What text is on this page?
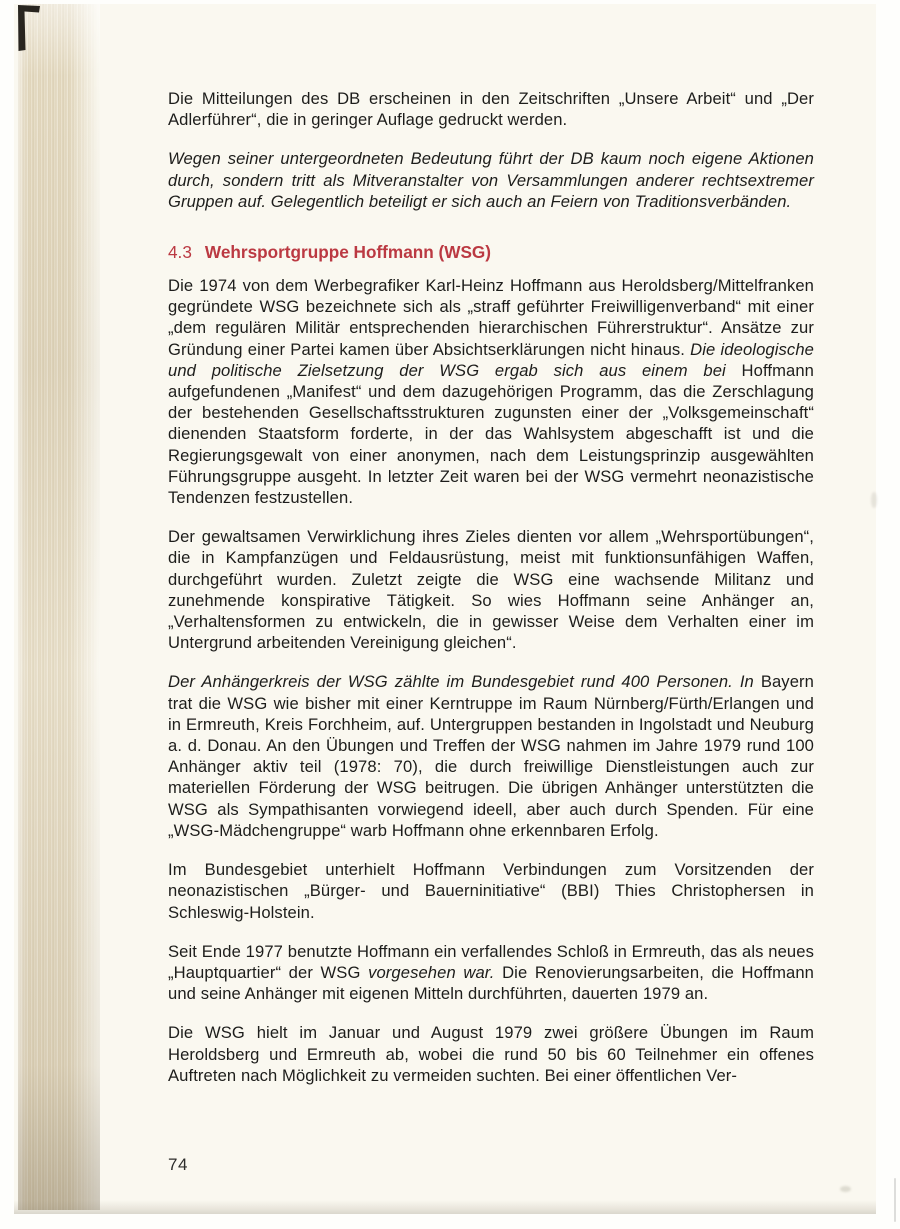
Die Mitteilungen des DB erscheinen in den Zeitschriften „Unsere Arbeit“ und „Der Adlerführer“, die in geringer Auflage gedruckt werden.

Wegen seiner untergeordneten Bedeutung führt der DB kaum noch eigene Aktionen durch, sondern tritt als Mitveranstalter von Versammlungen anderer rechtsextremer Gruppen auf. Gelegentlich beteiligt er sich auch an Feiern von Traditionsverbänden.

4.3 Wehrsportgruppe Hoffmann (WSG)

Die 1974 von dem Werbegrafiker Karl-Heinz Hoffmann aus Heroldsberg/Mittelfranken gegründete WSG bezeichnete sich als „straff geführter Freiwilligenverband“ mit einer „dem regulären Militär entsprechenden hierarchischen Führerstruktur“. Ansätze zur Gründung einer Partei kamen über Absichtserklärungen nicht hinaus. Die ideologische und politische Zielsetzung der WSG ergab sich aus einem bei Hoffmann aufgefundenen „Manifest“ und dem dazugehörigen Programm, das die Zerschlagung der bestehenden Gesellschaftsstrukturen zugunsten einer der „Volksgemeinschaft“ dienenden Staatsform forderte, in der das Wahlsystem abgeschafft ist und die Regierungsgewalt von einer anonymen, nach dem Leistungsprinzip ausgewählten Führungsgruppe ausgeht. In letzter Zeit waren bei der WSG vermehrt neonazistische Tendenzen festzustellen.

Der gewaltsamen Verwirklichung ihres Zieles dienten vor allem „Wehrsportübungen“, die in Kampfanzügen und Feldausrüstung, meist mit funktionsunfähigen Waffen, durchgeführt wurden. Zuletzt zeigte die WSG eine wachsende Militanz und zunehmende konspirative Tätigkeit. So wies Hoffmann seine Anhänger an, „Verhaltensformen zu entwickeln, die in gewisser Weise dem Verhalten einer im Untergrund arbeitenden Vereinigung gleichen“.

Der Anhängerkreis der WSG zählte im Bundesgebiet rund 400 Personen. In Bayern trat die WSG wie bisher mit einer Kerntruppe im Raum Nürnberg/Fürth/Erlangen und in Ermreuth, Kreis Forchheim, auf. Untergruppen bestanden in Ingolstadt und Neuburg a. d. Donau. An den Übungen und Treffen der WSG nahmen im Jahre 1979 rund 100 Anhänger aktiv teil (1978: 70), die durch freiwillige Dienstleistungen auch zur materiellen Förderung der WSG beitrugen. Die übrigen Anhänger unterstützten die WSG als Sympathisanten vorwiegend ideell, aber auch durch Spenden. Für eine „WSG-Mädchengruppe“ warb Hoffmann ohne erkennbaren Erfolg.

Im Bundesgebiet unterhielt Hoffmann Verbindungen zum Vorsitzenden der neonazistischen „Bürger- und Bauerninitiative“ (BBI) Thies Christophersen in Schleswig-Holstein.

Seit Ende 1977 benutzte Hoffmann ein verfallendes Schloß in Ermreuth, das als neues „Hauptquartier“ der WSG vorgesehen war. Die Renovierungsarbeiten, die Hoffmann und seine Anhänger mit eigenen Mitteln durchführten, dauerten 1979 an.

Die WSG hielt im Januar und August 1979 zwei größere Übungen im Raum Heroldsberg und Ermreuth ab, wobei die rund 50 bis 60 Teilnehmer ein offenes Auftreten nach Möglichkeit zu vermeiden suchten. Bei einer öffentlichen Ver-

74
